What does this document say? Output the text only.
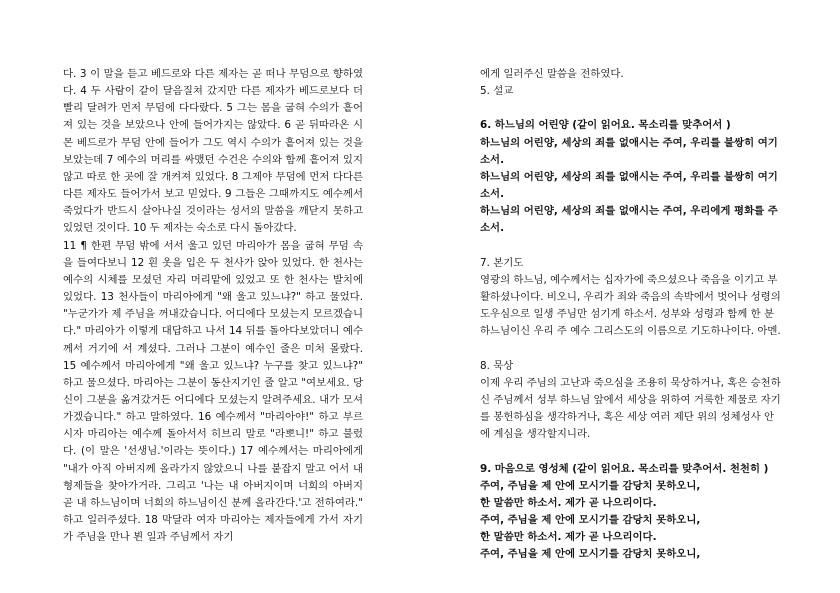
다. 3 이 말을 듣고 베드로와 다른 제자는 곧 떠나 무덤으로 향하였다. 4 두 사람이 같이 달음질쳐 갔지만 다른 제자가 베드로보다 더 빨리 달려가 먼저 무덤에 다다랐다. 5 그는 몸을 굽혀 수의가 흩어져 있는 것을 보았으나 안에 들어가지는 않았다. 6 곧 뒤따라온 시몬 베드로가 무덤 안에 들어가 그도 역시 수의가 흩어져 있는 것을 보았는데 7 예수의 머리를 싸맸던 수건은 수의와 함께 흩어져 있지 않고 따로 한 곳에 잘 개켜져 있었다. 8 그제야 무덤에 먼저 다다른 다른 제자도 들어가서 보고 믿었다. 9 그들은 그때까지도 예수께서 죽었다가 반드시 살아나실 것이라는 성서의 말씀을 깨닫지 못하고 있었던 것이다. 10 두 제자는 숙소로 다시 돌아갔다.

11 ¶ 한편 무덤 밖에 서서 울고 있던 마리아가 몸을 굽혀 무덤 속을 들여다보니 12 흰 옷을 입은 두 천사가 앉아 있었다. 한 천사는 예수의 시체를 모셨던 자리 머리맡에 있었고 또 한 천사는 발치에 있었다. 13 천사들이 마리아에게 "왜 울고 있느냐?" 하고 물었다. "누군가가 제 주님을 꺼내갔습니다. 어디에다 모셨는지 모르겠습니다." 마리아가 이렇게 대답하고 나서 14 뒤를 돌아다보았더니 예수께서 거기에 서 계셨다. 그러나 그분이 예수인 줄은 미처 몰랐다. 15 예수께서 마리아에게 "왜 울고 있느냐? 누구를 찾고 있느냐?" 하고 물으셨다. 마리아는 그분이 동산지기인 줄 알고 "여보세요. 당신이 그분을 옮겨갔거든 어디에다 모셨는지 알려주세요. 내가 모셔 가겠습니다." 하고 말하였다. 16 예수께서 "마리아야!" 하고 부르시자 마리아는 예수께 돌아서서 히브리 말로 "라뽀니!" 하고 불렀다. (이 말은 '선생님.'이라는 뜻이다.) 17 예수께서는 마리아에게 "내가 아직 아버지께 올라가지 않았으니 나를 붙잡지 말고 어서 내 형제들을 찾아가거라. 그리고 '나는 내 아버지이며 너희의 아버지 곧 내 하느님이며 너희의 하느님이신 분께 올라간다.'고 전하여라." 하고 일러주셨다. 18 막달라 여자 마리아는 제자들에게 가서 자기가 주님을 만나 뵌 일과 주님께서 자기

에게 일러주신 말씀을 전하였다.

5. 설교

6. 하느님의 어린양 (같이 읽어요. 목소리를 맞추어서 )

하느님의 어린양, 세상의 죄를 없애시는 주여, 우리를 불쌍히 여기소서.

하느님의 어린양, 세상의 죄를 없애시는 주여, 우리를 불쌍히 여기소서.

하느님의 어린양, 세상의 죄를 없애시는 주여, 우리에게 평화를 주소서.

7. 본기도

영광의 하느님, 예수께서는 십자가에 죽으셨으나 죽음을 이기고 부활하셨나이다. 비오니, 우리가 죄와 죽음의 속박에서 벗어나 성령의 도우심으로 일생 주님만 섬기게 하소서. 성부와 성령과 함께 한 분 하느님이신 우리 주 예수 그리스도의 이름으로 기도하나이다. 아멘.

8. 묵상

이제 우리 주님의 고난과 죽으심을 조용히 묵상하거나, 혹은 승천하신 주님께서 성부 하느님 앞에서 세상을 위하여 거룩한 제물로 자기를 봉헌하심을 생각하거나, 혹은 세상 여러 제단 위의 성체성사 안에 계심을 생각할지니라.

9. 마음으로 영성체 (같이 읽어요. 목소리를 맞추어서. 천천히 )

주여, 주님을 제 안에 모시기를 감당치 못하오니,

한 말씀만 하소서. 제가 곧 나으리이다.

주여, 주님을 제 안에 모시기를 감당치 못하오니,

한 말씀만 하소서. 제가 곧 나으리이다.

주여, 주님을 제 안에 모시기를 감당치 못하오니,
